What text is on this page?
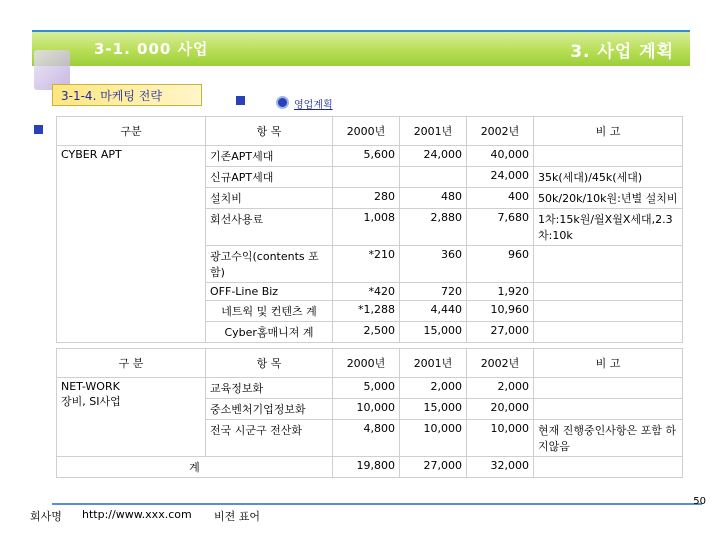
3-1. 000 사업	3. 사업 계획
3-1-4. 마케팅 전략
영업계획
구분	항 목	2000년	2001년	2002년	비 고
CYBER APT	기존APT세대	5,600	24,000	40,000	
	신규APT세대			24,000	35k(세대)/45k(세대)
	설치비	280	480	400	50k/20k/10k원:년별 설치비
	회선사용료	1,008	2,880	7,680	1차:15k원/월X월X세대,2.3차:10k
	광고수익(contents 포함)	*210	360	960	
	OFF-Line Biz	*420	720	1,920	
	네트웍 및 컨텐츠 계	*1,288	4,440	10,960	
	Cyber홈매니져 계	2,500	15,000	27,000	
구 분	항 목	2000년	2001년	2002년	비 고

NET-WORK
장비, SI사업	교육정보화	5,000	2,000	2,000	
	중소벤처기업정보화	10,000	15,000	20,000	
	전국 시군구 전산화	4,800	10,000	10,000	현재 진행중인사항은 포함 하지않음
계		19,800	27,000	32,000	
회사명 http://www.xxx.com 비젼 표어
50
